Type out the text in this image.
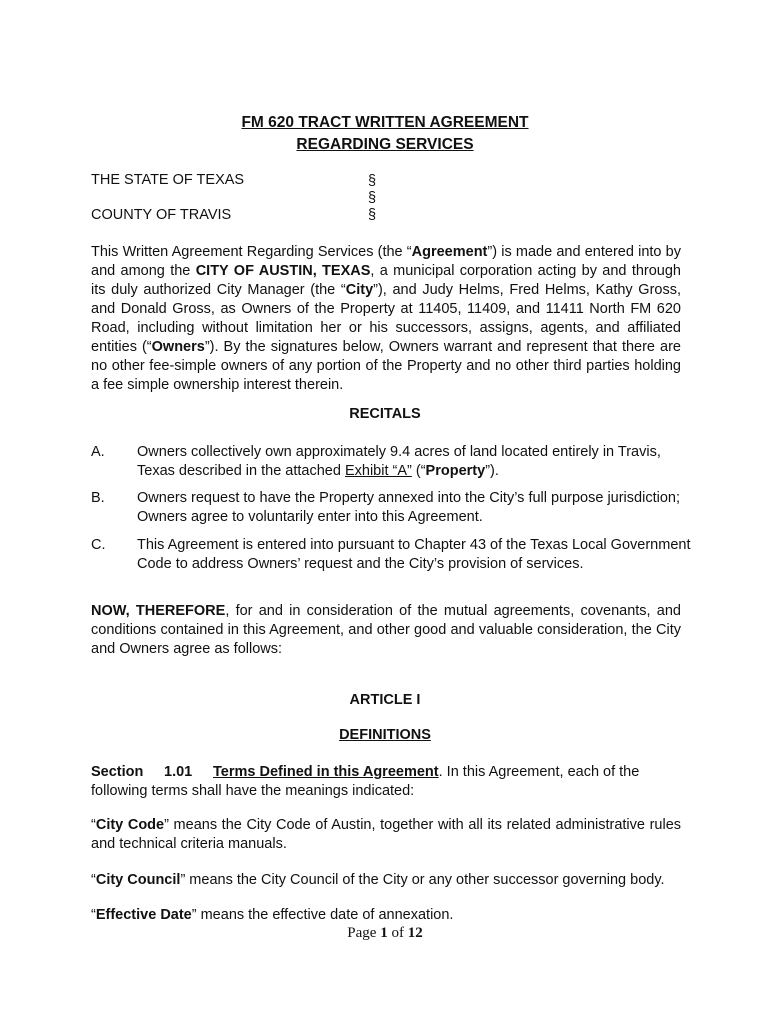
FM 620 TRACT WRITTEN AGREEMENT
REGARDING SERVICES
THE STATE OF TEXAS
COUNTY OF TRAVIS
§
§
§

This Written Agreement Regarding Services (the “Agreement”) is made and entered into by and among the CITY OF AUSTIN, TEXAS, a municipal corporation acting by and through its duly authorized City Manager (the “City”), and Judy Helms, Fred Helms, Kathy Gross, and Donald Gross, as Owners of the Property at 11405, 11409, and 11411 North FM 620 Road, including without limitation her or his successors, assigns, agents, and affiliated entities (“Owners”). By the signatures below, Owners warrant and represent that there are no other fee-simple owners of any portion of the Property and no other third parties holding a fee simple ownership interest therein.

RECITALS
A. Owners collectively own approximately 9.4 acres of land located entirely in Travis, Texas described in the attached Exhibit “A” (“Property”).
B. Owners request to have the Property annexed into the City’s full purpose jurisdiction; Owners agree to voluntarily enter into this Agreement.
C. This Agreement is entered into pursuant to Chapter 43 of the Texas Local Government Code to address Owners’ request and the City’s provision of services.

NOW, THEREFORE, for and in consideration of the mutual agreements, covenants, and conditions contained in this Agreement, and other good and valuable consideration, the City and Owners agree as follows:

ARTICLE I
DEFINITIONS
Section 1.01 Terms Defined in this Agreement. In this Agreement, each of the
following terms shall have the meanings indicated:

“City Code” means the City Code of Austin, together with all its related administrative rules and technical criteria manuals.

“City Council” means the City Council of the City or any other successor governing body.

“Effective Date” means the effective date of annexation.

Page 1 of 12
